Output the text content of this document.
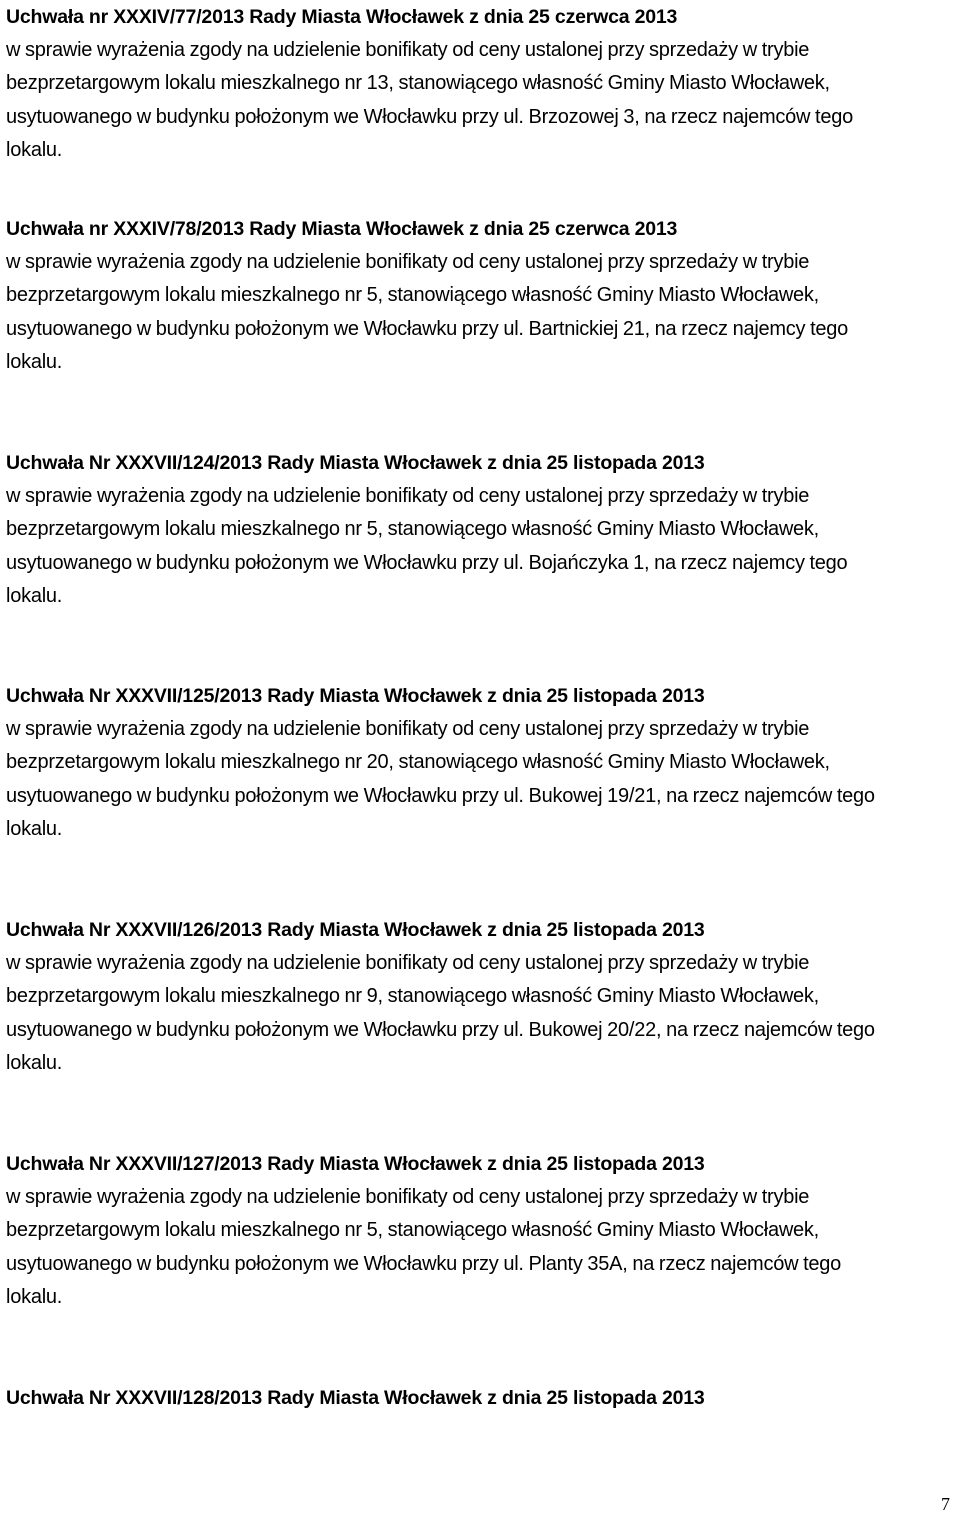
Uchwała nr XXXIV/77/2013 Rady Miasta Włocławek z dnia 25 czerwca 2013
w sprawie wyrażenia zgody na udzielenie bonifikaty od ceny ustalonej przy sprzedaży w trybie
bezprzetargowym lokalu mieszkalnego nr 13, stanowiącego własność Gminy Miasto Włocławek,
usytuowanego w budynku położonym we Włocławku przy ul. Brzozowej 3, na rzecz najemców tego
lokalu.
Uchwała nr XXXIV/78/2013 Rady Miasta Włocławek z dnia 25 czerwca 2013
w sprawie wyrażenia zgody na udzielenie bonifikaty od ceny ustalonej przy sprzedaży w trybie
bezprzetargowym lokalu mieszkalnego nr 5, stanowiącego własność Gminy Miasto Włocławek,
usytuowanego w budynku położonym we Włocławku przy ul. Bartnickiej 21, na rzecz najemcy tego
lokalu.
Uchwała Nr XXXVII/124/2013 Rady Miasta Włocławek z dnia 25 listopada 2013
w sprawie wyrażenia zgody na udzielenie bonifikaty od ceny ustalonej przy sprzedaży w trybie
bezprzetargowym lokalu mieszkalnego nr 5, stanowiącego własność Gminy Miasto Włocławek,
usytuowanego w budynku położonym we Włocławku przy ul. Bojańczyka 1, na rzecz najemcy tego
lokalu.
Uchwała Nr XXXVII/125/2013 Rady Miasta Włocławek z dnia 25 listopada 2013
w sprawie wyrażenia zgody na udzielenie bonifikaty od ceny ustalonej przy sprzedaży w trybie
bezprzetargowym lokalu mieszkalnego nr 20, stanowiącego własność Gminy Miasto Włocławek,
usytuowanego w budynku położonym we Włocławku przy ul. Bukowej 19/21, na rzecz najemców tego
lokalu.
Uchwała Nr XXXVII/126/2013 Rady Miasta Włocławek z dnia 25 listopada 2013
w sprawie wyrażenia zgody na udzielenie bonifikaty od ceny ustalonej przy sprzedaży w trybie
bezprzetargowym lokalu mieszkalnego nr 9, stanowiącego własność Gminy Miasto Włocławek,
usytuowanego w budynku położonym we Włocławku przy ul. Bukowej 20/22, na rzecz najemców tego
lokalu.
Uchwała Nr XXXVII/127/2013 Rady Miasta Włocławek z dnia 25 listopada 2013
w sprawie wyrażenia zgody na udzielenie bonifikaty od ceny ustalonej przy sprzedaży w trybie
bezprzetargowym lokalu mieszkalnego nr 5, stanowiącego własność Gminy Miasto Włocławek,
usytuowanego w budynku położonym we Włocławku przy ul. Planty 35A, na rzecz najemców tego
lokalu.
Uchwała Nr XXXVII/128/2013 Rady Miasta Włocławek z dnia 25 listopada 2013
7
